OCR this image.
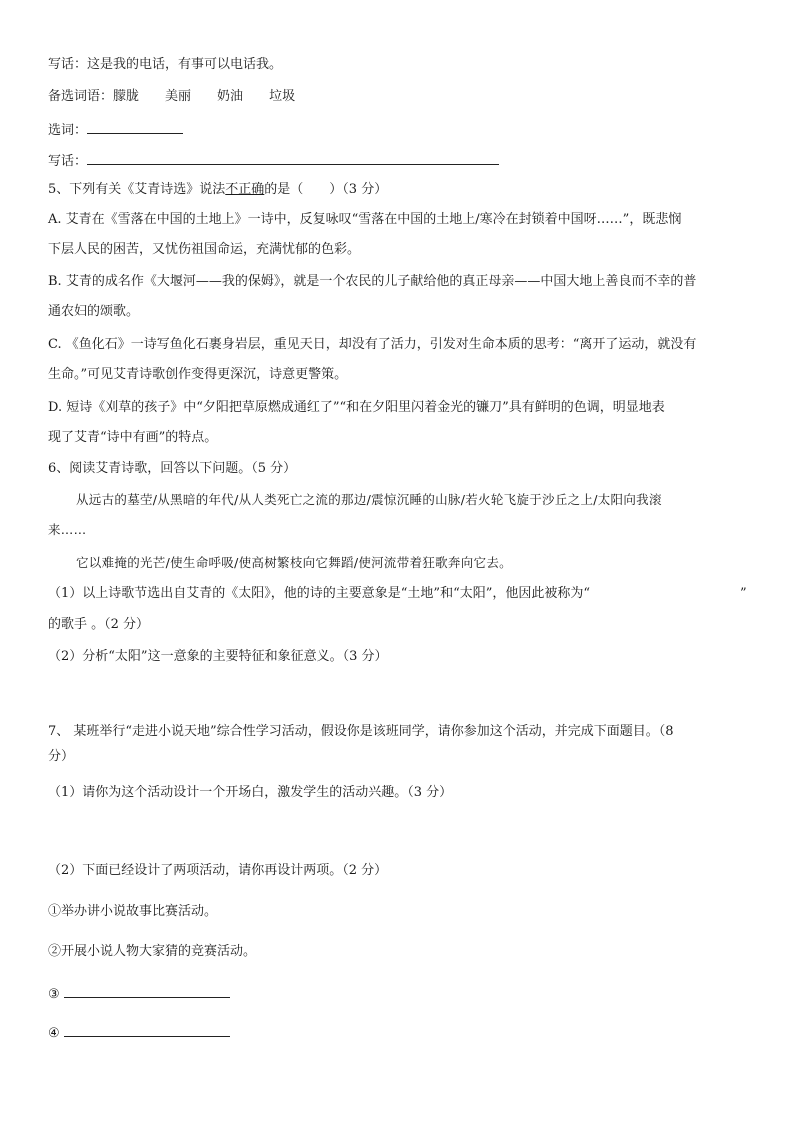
写话：这是我的电话，有事可以电话我。
备选词语：朦胧 美丽 奶油 垃圾
选词：
写话：
5、下列有关《艾青诗选》说法不正确的是（　　）（3 分）
A. 艾青在《雪落在中国的土地上》一诗中，反复咏叹“雪落在中国的土地上/寒冷在封锁着中国呀……”，既悲悯
下层人民的困苦，又忧伤祖国命运，充满忧郁的色彩。
B. 艾青的成名作《大堰河——我的保姆》，就是一个农民的儿子献给他的真正母亲——中国大地上善良而不幸的普
通农妇的颂歌。
C. 《鱼化石》一诗写鱼化石裹身岩层，重见天日，却没有了活力，引发对生命本质的思考：“离开了运动，就没有
生命。”可见艾青诗歌创作变得更深沉，诗意更警策。
D. 短诗《刈草的孩子》中“夕阳把草原燃成通红了”“和在夕阳里闪着金光的镰刀”具有鲜明的色调，明显地表
现了艾青“诗中有画”的特点。
6、阅读艾青诗歌，回答以下问题。（5 分）
从远古的墓茔/从黑暗的年代/从人类死亡之流的那边/震惊沉睡的山脉/若火轮飞旋于沙丘之上/太阳向我滚
来……
它以难掩的光芒/使生命呼吸/使高树繁枝向它舞蹈/使河流带着狂歌奔向它去。
（1）以上诗歌节选出自艾青的《太阳》，他的诗的主要意象是“土地”和“太阳”，他因此被称为“	”
的歌手 。（2 分）
（2）分析“太阳”这一意象的主要特征和象征意义。（3 分）
7、 某班举行“走进小说天地”综合性学习活动，假设你是该班同学，请你参加这个活动，并完成下面题目。（8
分）
（1）请你为这个活动设计一个开场白，激发学生的活动兴趣。（3 分）
（2）下面已经设计了两项活动，请你再设计两项。（2 分）
①举办讲小说故事比赛活动。
②开展小说人物大家猜的竞赛活动。
③
④
